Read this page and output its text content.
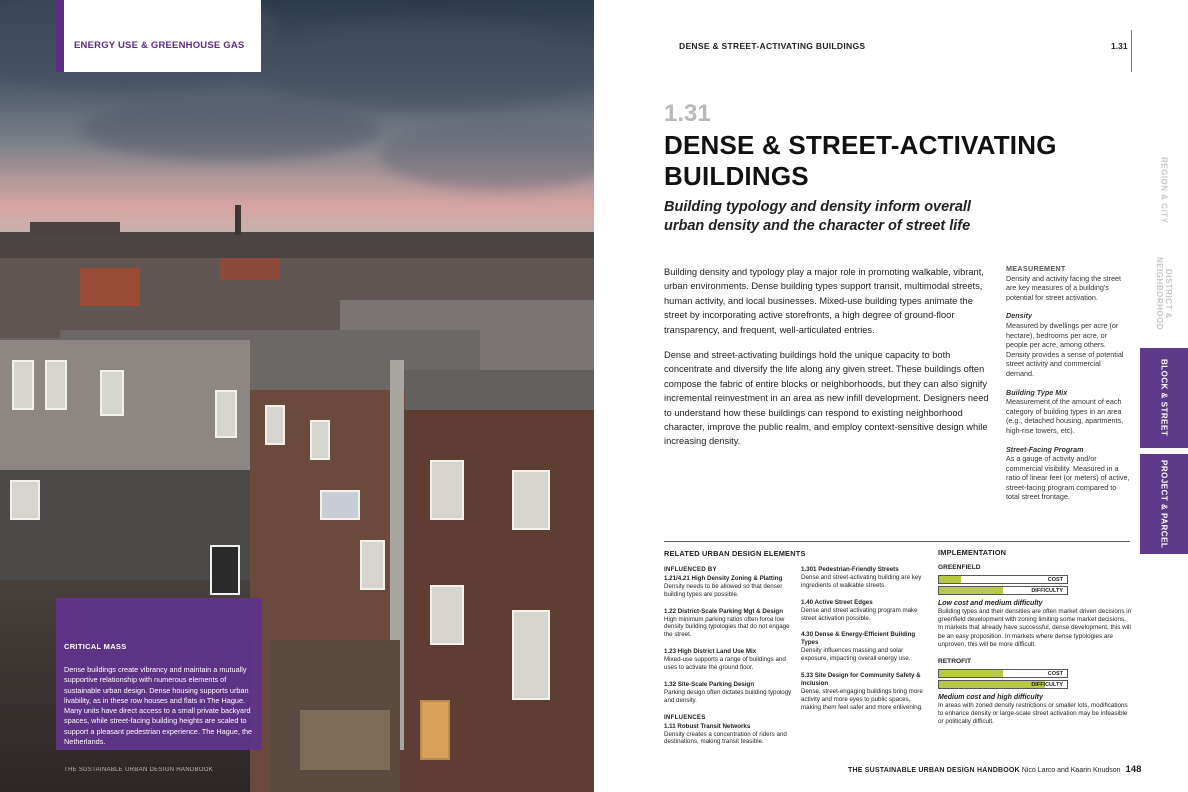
ENERGY USE & GREENHOUSE GAS
CRITICAL MASS
Dense buildings create vibrancy and maintain a mutually supportive relationship with numerous elements of sustainable urban design. Dense housing supports urban livability, as in these row houses and flats in The Hague. Many units have direct access to a small private backyard spaces, while street-facing building heights are scaled to support a pleasant pedestrian experience. The Hague, the Netherlands.
THE SUSTAINABLE URBAN DESIGN HANDBOOK
DENSE & STREET-ACTIVATING BUILDINGS	1.31
1.31
DENSE & STREET-ACTIVATING BUILDINGS
Building typology and density inform overall urban density and the character of street life
Building density and typology play a major role in promoting walkable, vibrant, urban environments. Dense building types support transit, multimodal streets, human activity, and local businesses. Mixed-use building types animate the street by incorporating active storefronts, a high degree of ground-floor transparency, and frequent, well-articulated entries.
Dense and street-activating buildings hold the unique capacity to both concentrate and diversify the life along any given street. These buildings often compose the fabric of entire blocks or neighborhoods, but they can also signify incremental reinvestment in an area as new infill development. Designers need to understand how these buildings can respond to existing neighborhood character, improve the public realm, and employ context-sensitive design while increasing density.
MEASUREMENT
Density and activity facing the street are key measures of a building's potential for street activation.
Density
Measured by dwellings per acre (or hectare), bedrooms per acre, or people per acre, among others. Density provides a sense of potential street activity and commercial demand.
Building Type Mix
Measurement of the amount of each category of building types in an area (e.g., detached housing, apartments, high-rise towers, etc).
Street-Facing Program
As a gauge of activity and/or commercial visibility. Measured in a ratio of linear feet (or meters) of active, street-facing program compared to total street frontage.
REGION & CITY
DISTRICT & NEIGHBORHOOD
BLOCK & STREET
PROJECT & PARCEL
RELATED URBAN DESIGN ELEMENTS
INFLUENCED BY
1.21/4.21 High Density Zoning & Platting
Density needs to be allowed so that denser building types are possible.
1.22 District-Scale Parking Mgt & Design
High minimum parking ratios often force low density building typologies that do not engage the street.
1.23 High District Land Use Mix
Mixed-use supports a range of buildings and uses to activate the ground floor.
1.32 Site-Scale Parking Design
Parking design often dictates building typology and density.
INFLUENCES
1.11 Robust Transit Networks
Density creates a concentration of riders and destinations, making transit feasible.
1.301 Pedestrian-Friendly Streets
Dense and street-activating building are key ingredients of walkable streets.
1.40 Active Street Edges
Dense and street activating program make street activation possible.
4.30 Dense & Energy-Efficient Building Types
Density influences massing and solar exposure, impacting overall energy use.
5.33 Site Design for Community Safety & Inclusion
Dense, street-engaging buildings bring more activity and more eyes to public spaces, making them feel safer and more enlivening.
IMPLEMENTATION
GREENFIELD
COST
DIFFICULTY
Low cost and medium difficulty
Building types and their densities are often market driven decisions in greenfield development with zoning limiting some market decisions. In markets that already have successful, dense development, this will be an easy proposition. In markets where dense typologies are unproven, this will be more difficult.
RETROFIT
COST
DIFFICULTY
Medium cost and high difficulty
In areas with zoned density restrictions or smaller lots, modifications to enhance density or large-scale street activation may be infeasible or politically difficult.
THE SUSTAINABLE URBAN DESIGN HANDBOOK Nico Larco and Kaarin Knudson 148
